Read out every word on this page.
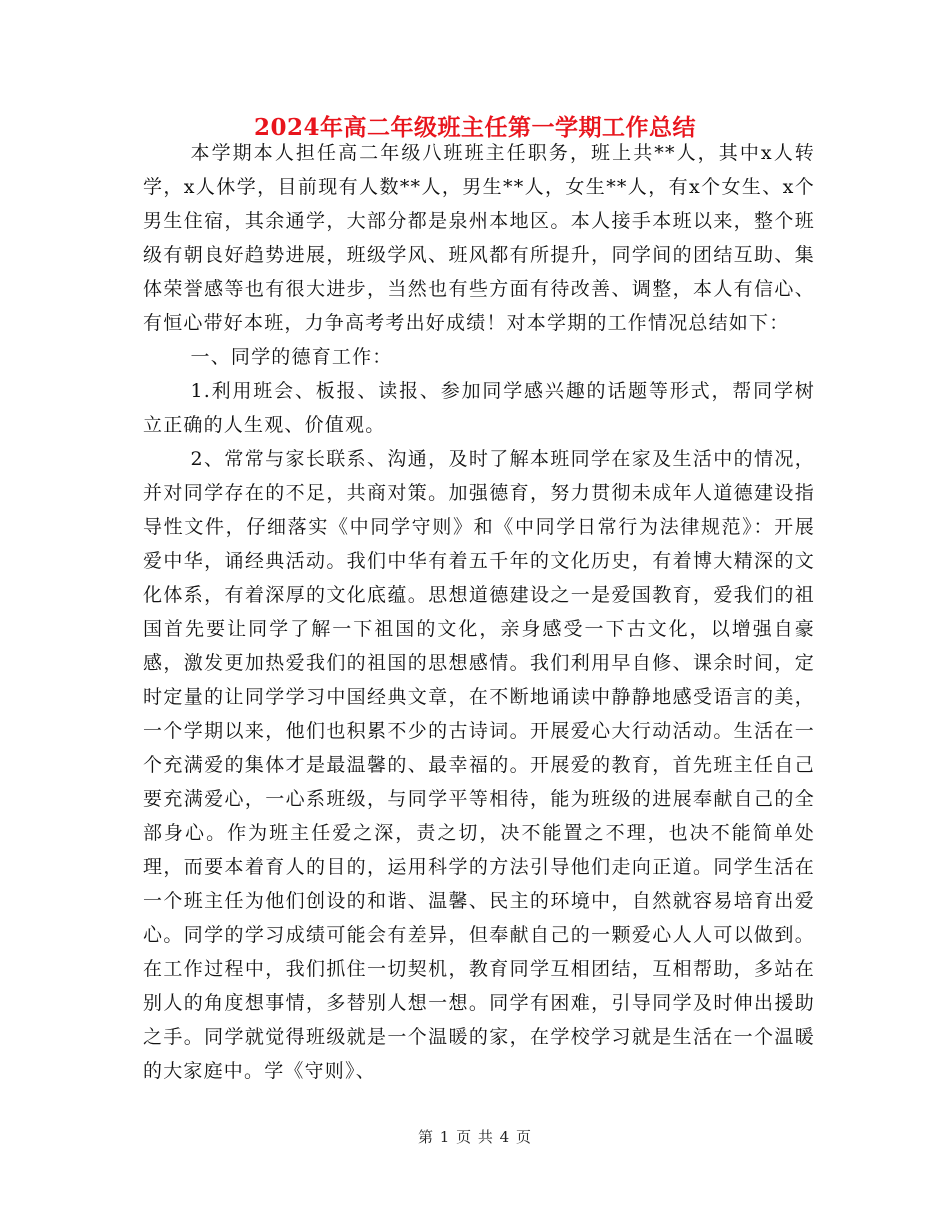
2024年高二年级班主任第一学期工作总结

本学期本人担任高二年级八班班主任职务，班上共**人，其中x人转学，x人休学，目前现有人数**人，男生**人，女生**人，有x个女生、x个男生住宿，其余通学，大部分都是泉州本地区。本人接手本班以来，整个班级有朝良好趋势进展，班级学风、班风都有所提升，同学间的团结互助、集体荣誉感等也有很大进步，当然也有些方面有待改善、调整，本人有信心、有恒心带好本班，力争高考考出好成绩！对本学期的工作情况总结如下：

一、同学的德育工作：

1.利用班会、板报、读报、参加同学感兴趣的话题等形式，帮同学树立正确的人生观、价值观。

2、常常与家长联系、沟通，及时了解本班同学在家及生活中的情况，并对同学存在的不足，共商对策。加强德育，努力贯彻未成年人道德建设指导性文件，仔细落实《中同学守则》和《中同学日常行为法律规范》：开展爱中华，诵经典活动。我们中华有着五千年的文化历史，有着博大精深的文化体系，有着深厚的文化底蕴。思想道德建设之一是爱国教育，爱我们的祖国首先要让同学了解一下祖国的文化，亲身感受一下古文化，以增强自豪感，激发更加热爱我们的祖国的思想感情。我们利用早自修、课余时间，定时定量的让同学学习中国经典文章，在不断地诵读中静静地感受语言的美，一个学期以来，他们也积累不少的古诗词。开展爱心大行动活动。生活在一个充满爱的集体才是最温馨的、最幸福的。开展爱的教育，首先班主任自己要充满爱心，一心系班级，与同学平等相待，能为班级的进展奉献自己的全部身心。作为班主任爱之深，责之切，决不能置之不理，也决不能简单处理，而要本着育人的目的，运用科学的方法引导他们走向正道。同学生活在一个班主任为他们创设的和谐、温馨、民主的环境中，自然就容易培育出爱心。同学的学习成绩可能会有差异，但奉献自己的一颗爱心人人可以做到。在工作过程中，我们抓住一切契机，教育同学互相团结，互相帮助，多站在别人的角度想事情，多替别人想一想。同学有困难，引导同学及时伸出援助之手。同学就觉得班级就是一个温暖的家，在学校学习就是生活在一个温暖的大家庭中。学《守则》、

第 1 页 共 4 页
